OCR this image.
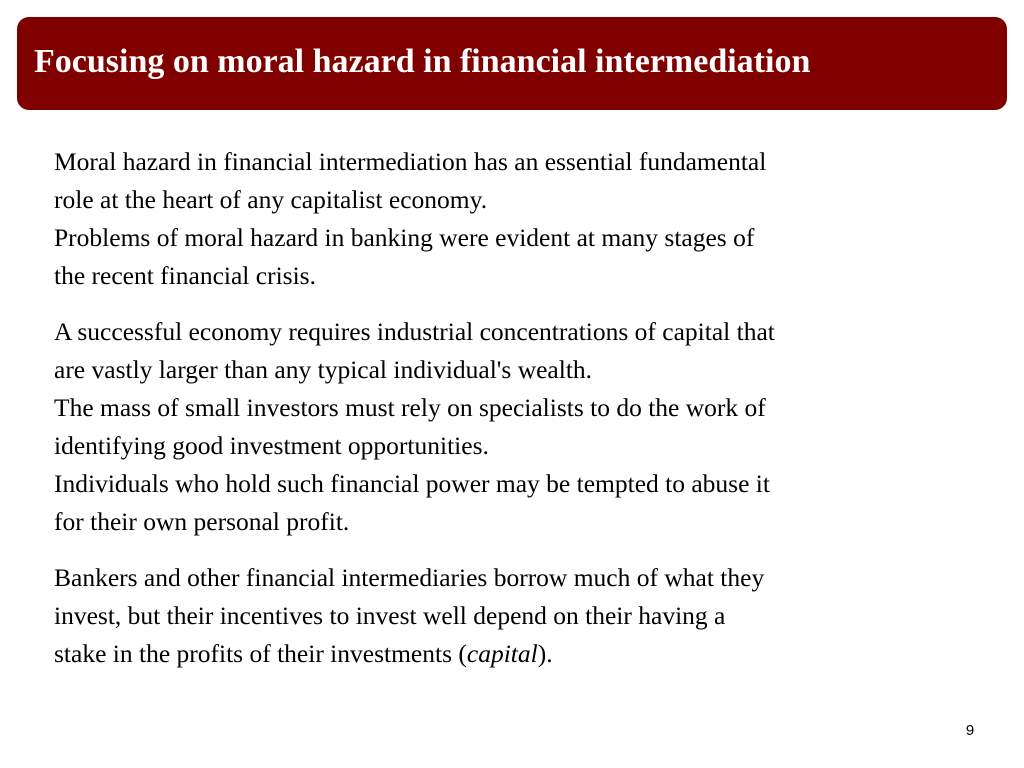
Focusing on moral hazard in financial intermediation

Moral hazard in financial intermediation has an essential fundamental
role at the heart of any capitalist economy.

Problems of moral hazard in banking were evident at many stages of
the recent financial crisis.

A successful economy requires industrial concentrations of capital that
are vastly larger than any typical individual's wealth.

The mass of small investors must rely on specialists to do the work of
identifying good investment opportunities.

Individuals who hold such financial power may be tempted to abuse it
for their own personal profit.

Bankers and other financial intermediaries borrow much of what they
invest, but their incentives to invest well depend on their having a
stake in the profits of their investments (capital).

9
